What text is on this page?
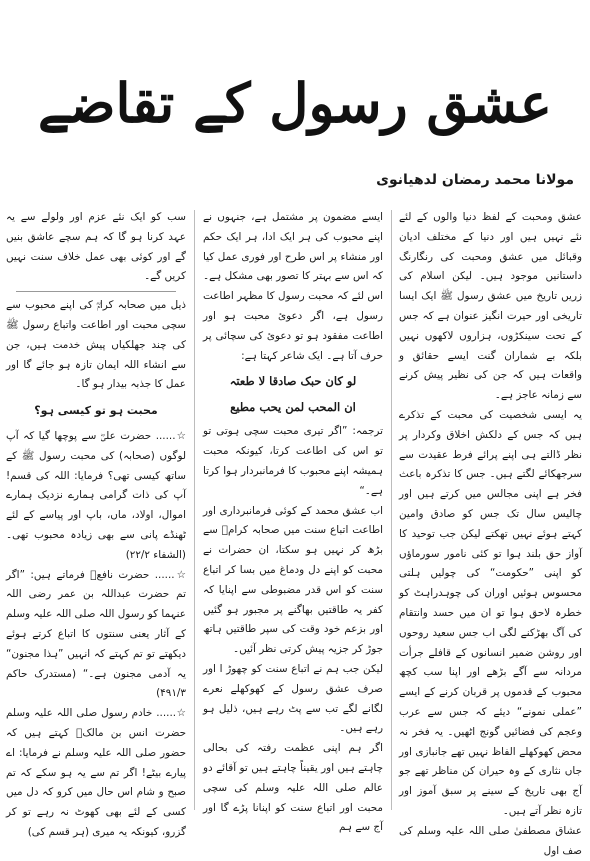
عشق رسول کے تقاضے
مولانا محمد رمضان لدھیانوی

عشق ومحبت کے لفظ دنیا والوں کے لئے نئے نہیں ہیں اور دنیا کے مختلف ادیان وقبائل میں عشق ومحبت کی رنگارنگ داستانیں موجود ہیں۔ لیکن اسلام کی زریں تاریخ میں عشق رسول ﷺ ایک ایسا تاریخی اور حیرت انگیز عنوان ہے کہ جس کے تحت سینکڑوں، ہزاروں لاکھوں نہیں بلکہ بے شماران گنت ایسے حقائق و واقعات ہیں کہ جن کی نظیر پیش کرنے سے زمانہ عاجز ہے۔

یہ ایسی شخصیت کی محبت کے تذکرے ہیں کہ جس کے دلکش اخلاق وکردار پر نظر ڈالتے ہی اپنے پرائے فرط عقیدت سے سرجھکائے لگتے ہیں۔ جس کا تذکرہ باعث فخر ہے اپنی مجالس میں کرتے ہیں اور چالیس سال تک جس کو صادق وامین کہتے ہوئے نہیں تھکتے لیکن جب توحید کا آواز حق بلند ہوا تو کئی نامور سورماؤں کو اپنی ”حکومت“ کی چولیں ہلتی محسوس ہوئیں اوران کی چوہدراہٹ کو خطرہ لاحق ہوا تو ان میں حسد وانتقام کی آگ بھڑکنے لگی اب جس سعید روحوں اور روشن ضمیر انسانوں کے قافلے جرأت مردانہ سے آگے بڑھے اور اپنا سب کچھ محبوب کے قدموں پر قربان کرنے کے ایسے ”عملی نمونے“ دیئے کہ جس سے عرب وعجم کی فضائیں گونج اٹھیں۔ یہ فخر نہ محض کھوکھلے الفاظ نہیں تھے جانبازی اور جاں نثاری کے وہ حیران کن مناظر تھے جو آج بھی تاریخ کے سینے پر سبق آموز اور تازہ نظر آتے ہیں۔

عشاق مصطفیٰ صلی اللہ علیہ وسلم کی صف اول

ایسے مضمون پر مشتمل ہے، جنہوں نے اپنے محبوب کی ہر ایک ادا، ہر ایک حکم اور منشاء پر اس طرح اور فوری عمل کیا کہ اس سے بہتر کا تصور بھی مشکل ہے۔ اس لئے کہ محبت رسول کا مظہر اطاعت رسول ہے، اگر دعوئ محبت ہو اور اطاعت مفقود ہو تو دعوئ کی سچائی پر حرف آتا ہے۔ ایک شاعر کہتا ہے:

لو کان حبک صادقا لا طعتہ

ان المحب لمن یحب مطیع

ترجمہ: ”اگر تیری محبت سچی ہوتی تو تو اس کی اطاعت کرتا، کیونکہ محبت ہمیشہ اپنے محبوب کا فرمانبردار ہوا کرتا ہے۔“

اب عشق محمد کے کوئی فرمانبرداری اور اطاعت اتباع سنت میں صحابہ کرامؓ سے بڑھ کر نہیں ہو سکتا، ان حضرات نے محبت کو اپنے دل ودماغ میں بسا کر اتباع سنت کو اس قدر مضبوطی سے اپنایا کہ کفر یہ طاقتیں بھاگنے پر مجبور ہو گئیں اور بزعم خود وقت کی سپر طاقتیں ہاتھ جوڑ کر جزیہ پیش کرتی نظر آئیں۔

لیکن جب ہم نے اتباع سنت کو چھوڑ ا اور صرف عشق رسول کے کھوکھلے نعرے لگانے لگے تب سے پٹ رہے ہیں، ذلیل ہو رہے ہیں۔

اگر ہم اپنی عظمت رفتہ کی بحالی چاہتے ہیں اور یقیناً چاہتے ہیں تو آقائے دو عالم صلی اللہ علیہ وسلم کی سچی محبت اور اتباع سنت کو اپنانا پڑے گا اور آج سے ہم

سب کو ایک نئے عزم اور ولولے سے یہ عہد کرنا ہو گا کہ ہم سچے عاشق بنیں گے اور کوئی بھی عمل خلاف سنت نہیں کریں گے۔

ذیل میں صحابہ کرامؓ کی اپنے محبوب سے سچی محبت اور اطاعت واتباع رسول ﷺ کی چند جھلکیاں پیش خدمت ہیں، جن سے انشاء اللہ ایمان تازہ ہو جائے گا اور عمل کا جذبہ بیدار ہو گا۔

محبت ہو تو کیسی ہو؟

☆...... حضرت علیؓ سے پوچھا گیا کہ آپ لوگوں (صحابہ) کی محبت رسول ﷺ کے ساتھ کیسی تھی؟ فرمایا: اللہ کی قسم! آپ کی ذات گرامی ہمارے نزدیک ہمارے اموال، اولاد، ماں، باپ اور پیاسے کے لئے ٹھنڈے پانی سے بھی زیادہ محبوب تھی۔ (الشفاء ۲۲/۲)

☆...... حضرت نافعؒ فرماتے ہیں: ”اگر تم حضرت عبداللہ بن عمر رضی اللہ عنہما کو رسول اللہ صلی اللہ علیہ وسلم کے آثار یعنی سنتوں کا اتباع کرتے ہوئے دیکھتے تو تم کہتے کہ انہیں ”ہذا مجنون“ یہ آدمی مجنون ہے۔“ (مستدرک حاکم ۴۹۱/۳)

☆...... خادم رسول صلی اللہ علیہ وسلم حضرت انس بن مالکؓ کہتے ہیں کہ حضور صلی اللہ علیہ وسلم نے فرمایا: اے پیارے بیٹے! اگر تم سے یہ ہو سکے کہ تم صبح و شام اس حال میں کرو کہ دل میں کسی کے لئے بھی کھوٹ نہ رہے تو کر گزرو، کیونکہ یہ میری (ہر قسم کی)
